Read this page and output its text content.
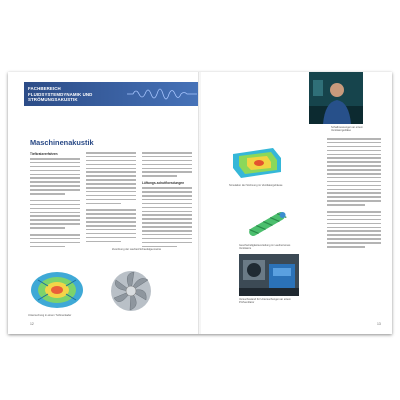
FACHBEREICH
FLUIDSYSTEMDYNAMIK UND
STRÖMUNGSAKUSTIK
Maschinenakustik
Tiefkratzverfahren
Lüftungs-schutfloesdungen
Zuordnung der Laufrad-Schaufelgeometrie
Untersuchung in einem Turbinenlader
12
Schallmessungen an einem Ventilatorgebläse
Simulation der Strömung im Ventilatorgehäuse
Geschwindigkeitsverteilung im Laufrad eines Ventilators
Versuchsstand für Untersuchungen an einem Prüfventilator
13
